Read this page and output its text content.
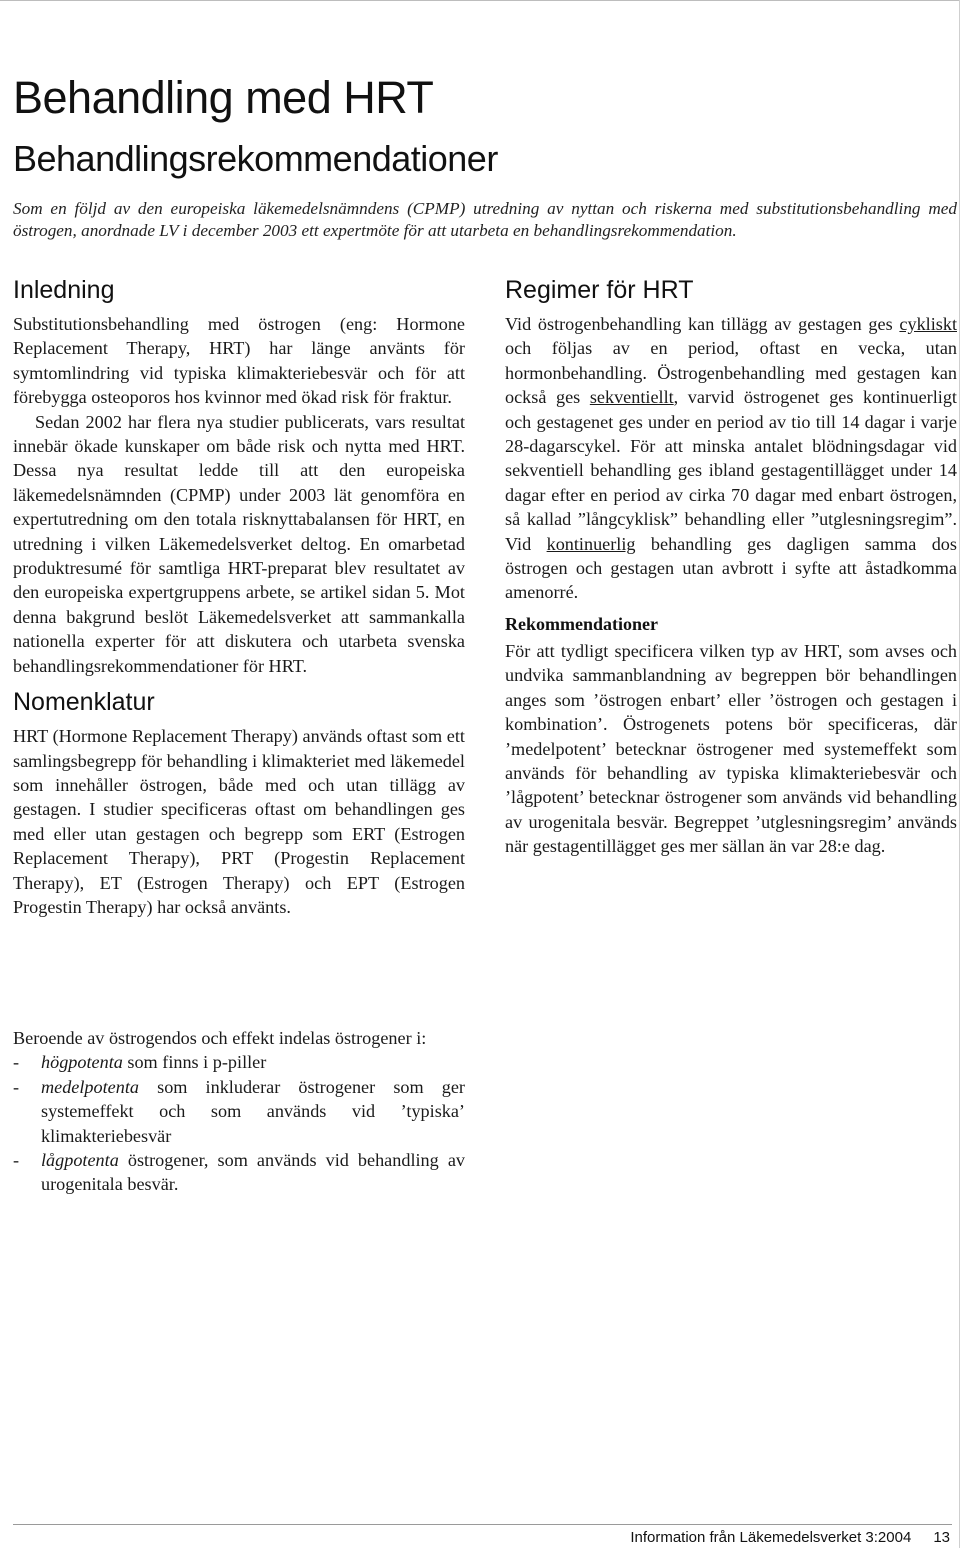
Behandling med HRT
Behandlingsrekommendationer

Som en följd av den europeiska läkemedelsnämndens (CPMP) utredning av nyttan och riskerna med substitutionsbehandling med östrogen, anordnade LV i december 2003 ett expertmöte för att utarbeta en behandlingsrekommendation.

Inledning

Substitutionsbehandling med östrogen (eng: Hormone Replacement Therapy, HRT) har länge använts för symtomlindring vid typiska klimakteriebesvär och för att förebygga osteoporos hos kvinnor med ökad risk för fraktur.

Sedan 2002 har flera nya studier publicerats, vars resultat innebär ökade kunskaper om både risk och nytta med HRT. Dessa nya resultat ledde till att den europeiska läkemedelsnämnden (CPMP) under 2003 lät genomföra en expertutredning om den totala risknyttabalansen för HRT, en utredning i vilken Läkemedelsverket deltog. En omarbetad produktresumé för samtliga HRT-preparat blev resultatet av den europeiska expertgruppens arbete, se artikel sidan 5. Mot denna bakgrund beslöt Läkemedelsverket att sammankalla nationella experter för att diskutera och utarbeta svenska behandlingsrekommendationer för HRT.

Nomenklatur

HRT (Hormone Replacement Therapy) används oftast som ett samlingsbegrepp för behandling i klimakteriet med läkemedel som innehåller östrogen, både med och utan tillägg av gestagen. I studier specificeras oftast om behandlingen ges med eller utan gestagen och begrepp som ERT (Estrogen Replacement Therapy), PRT (Progestin Replacement Therapy), ET (Estrogen Therapy) och EPT (Estrogen Progestin Therapy) har också använts.

Beroende av östrogendos och effekt indelas östrogener i:

- högpotenta som finns i p-piller
- medelpotenta som inkluderar östrogener som ger systemeffekt och som används vid ’typiska’ klimakteriebesvär
- lågpotenta östrogener, som används vid behandling av urogenitala besvär.
Regimer för HRT

Vid östrogenbehandling kan tillägg av gestagen ges cykliskt och följas av en period, oftast en vecka, utan hormonbehandling. Östrogenbehandling med gestagen kan också ges sekventiellt, varvid östrogenet ges kontinuerligt och gestagenet ges under en period av tio till 14 dagar i varje 28-dagarscykel. För att minska antalet blödningsdagar vid sekventiell behandling ges ibland gestagentillägget under 14 dagar efter en period av cirka 70 dagar med enbart östrogen, så kallad ”långcyklisk” behandling eller ”utglesningsregim”. Vid kontinuerlig behandling ges dagligen samma dos östrogen och gestagen utan avbrott i syfte att åstadkomma amenorré.

Rekommendationer

För att tydligt specificera vilken typ av HRT, som avses och undvika sammanblandning av begreppen bör behandlingen anges som ’östrogen enbart’ eller ’östrogen och gestagen i kombination’. Östrogenets potens bör specificeras, där ’medelpotent’ betecknar östrogener med systemeffekt som används för behandling av typiska klimakteriebesvär och ’lågpotent’ betecknar östrogener som används vid behandling av urogenitala besvär. Begreppet ’utglesningsregim’ används när gestagentillägget ges mer sällan än var 28:e dag.

Information från Läkemedelsverket 3:2004 13
